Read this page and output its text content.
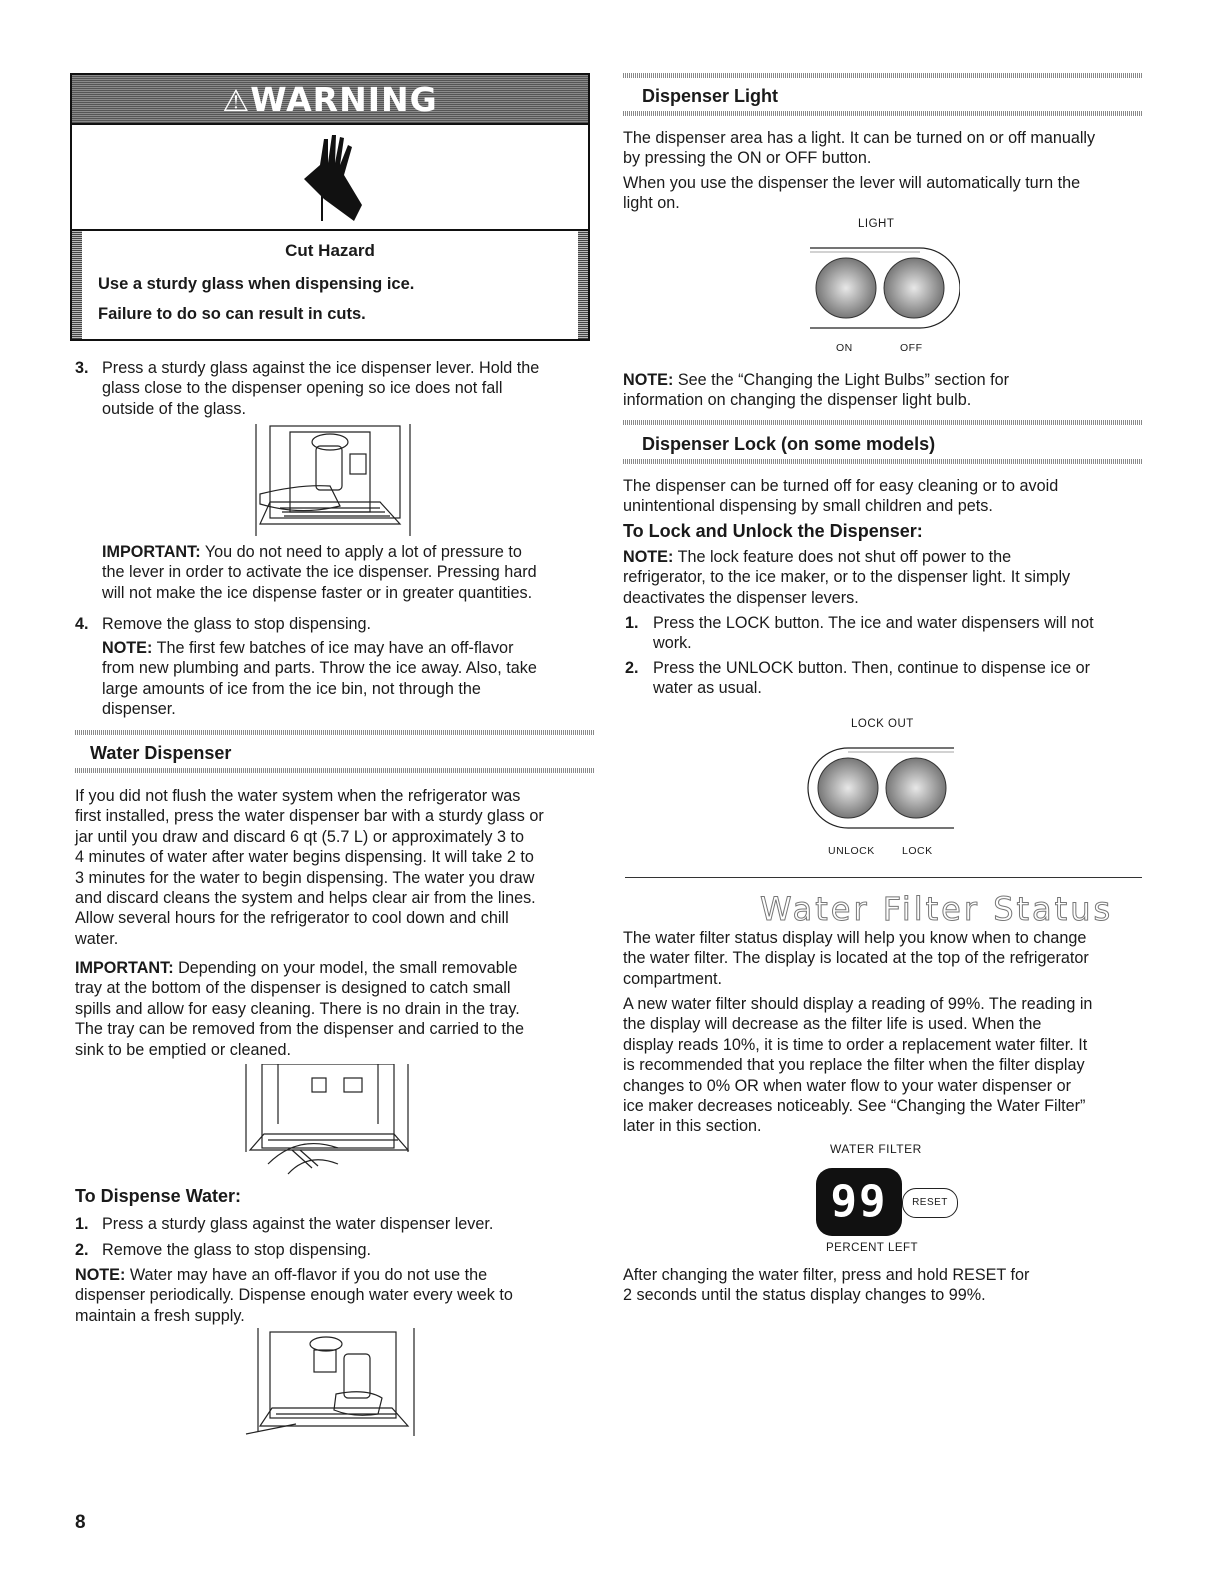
⚠WARNING
Cut Hazard
Use a sturdy glass when dispensing ice.
Failure to do so can result in cuts.
3. Press a sturdy glass against the ice dispenser lever. Hold the

glass close to the dispenser opening so ice does not fall

outside of the glass.

IMPORTANT: You do not need to apply a lot of pressure to

the lever in order to activate the ice dispenser. Pressing hard

will not make the ice dispense faster or in greater quantities.

4. Remove the glass to stop dispensing.

NOTE: The first few batches of ice may have an off-flavor

from new plumbing and parts. Throw the ice away. Also, take

large amounts of ice from the ice bin, not through the

dispenser.

Water Dispenser

If you did not flush the water system when the refrigerator was

first installed, press the water dispenser bar with a sturdy glass or

jar until you draw and discard 6 qt (5.7 L) or approximately 3 to

4 minutes of water after water begins dispensing. It will take 2 to

3 minutes for the water to begin dispensing. The water you draw

and discard cleans the system and helps clear air from the lines.

Allow several hours for the refrigerator to cool down and chill

water.

IMPORTANT: Depending on your model, the small removable

tray at the bottom of the dispenser is designed to catch small

spills and allow for easy cleaning. There is no drain in the tray.

The tray can be removed from the dispenser and carried to the

sink to be emptied or cleaned.

To Dispense Water:
1. Press a sturdy glass against the water dispenser lever.
2. Remove the glass to stop dispensing.

NOTE: Water may have an off-flavor if you do not use the

dispenser periodically. Dispense enough water every week to

maintain a fresh supply.

8
Dispenser Light

The dispenser area has a light. It can be turned on or off manually

by pressing the ON or OFF button.

When you use the dispenser the lever will automatically turn the

light on.

LIGHT
ON	OFF

NOTE: See the “Changing the Light Bulbs” section for

information on changing the dispenser light bulb.

Dispenser Lock (on some models)

The dispenser can be turned off for easy cleaning or to avoid

unintentional dispensing by small children and pets.

To Lock and Unlock the Dispenser:

NOTE: The lock feature does not shut off power to the

refrigerator, to the ice maker, or to the dispenser light. It simply

deactivates the dispenser levers.

1. Press the LOCK button. The ice and water dispensers will not

work.

2. Press the UNLOCK button. Then, continue to dispense ice or

water as usual.

LOCK OUT
UNLOCK	LOCK
Water Filter Status

The water filter status display will help you know when to change

the water filter. The display is located at the top of the refrigerator

compartment.

A new water filter should display a reading of 99%. The reading in

the display will decrease as the filter life is used. When the

display reads 10%, it is time to order a replacement water filter. It

is recommended that you replace the filter when the filter display

changes to 0% OR when water flow to your water dispenser or

ice maker decreases noticeably. See “Changing the Water Filter”

later in this section.

WATER FILTER
99	RESET
PERCENT LEFT

After changing the water filter, press and hold RESET for

2 seconds until the status display changes to 99%.
